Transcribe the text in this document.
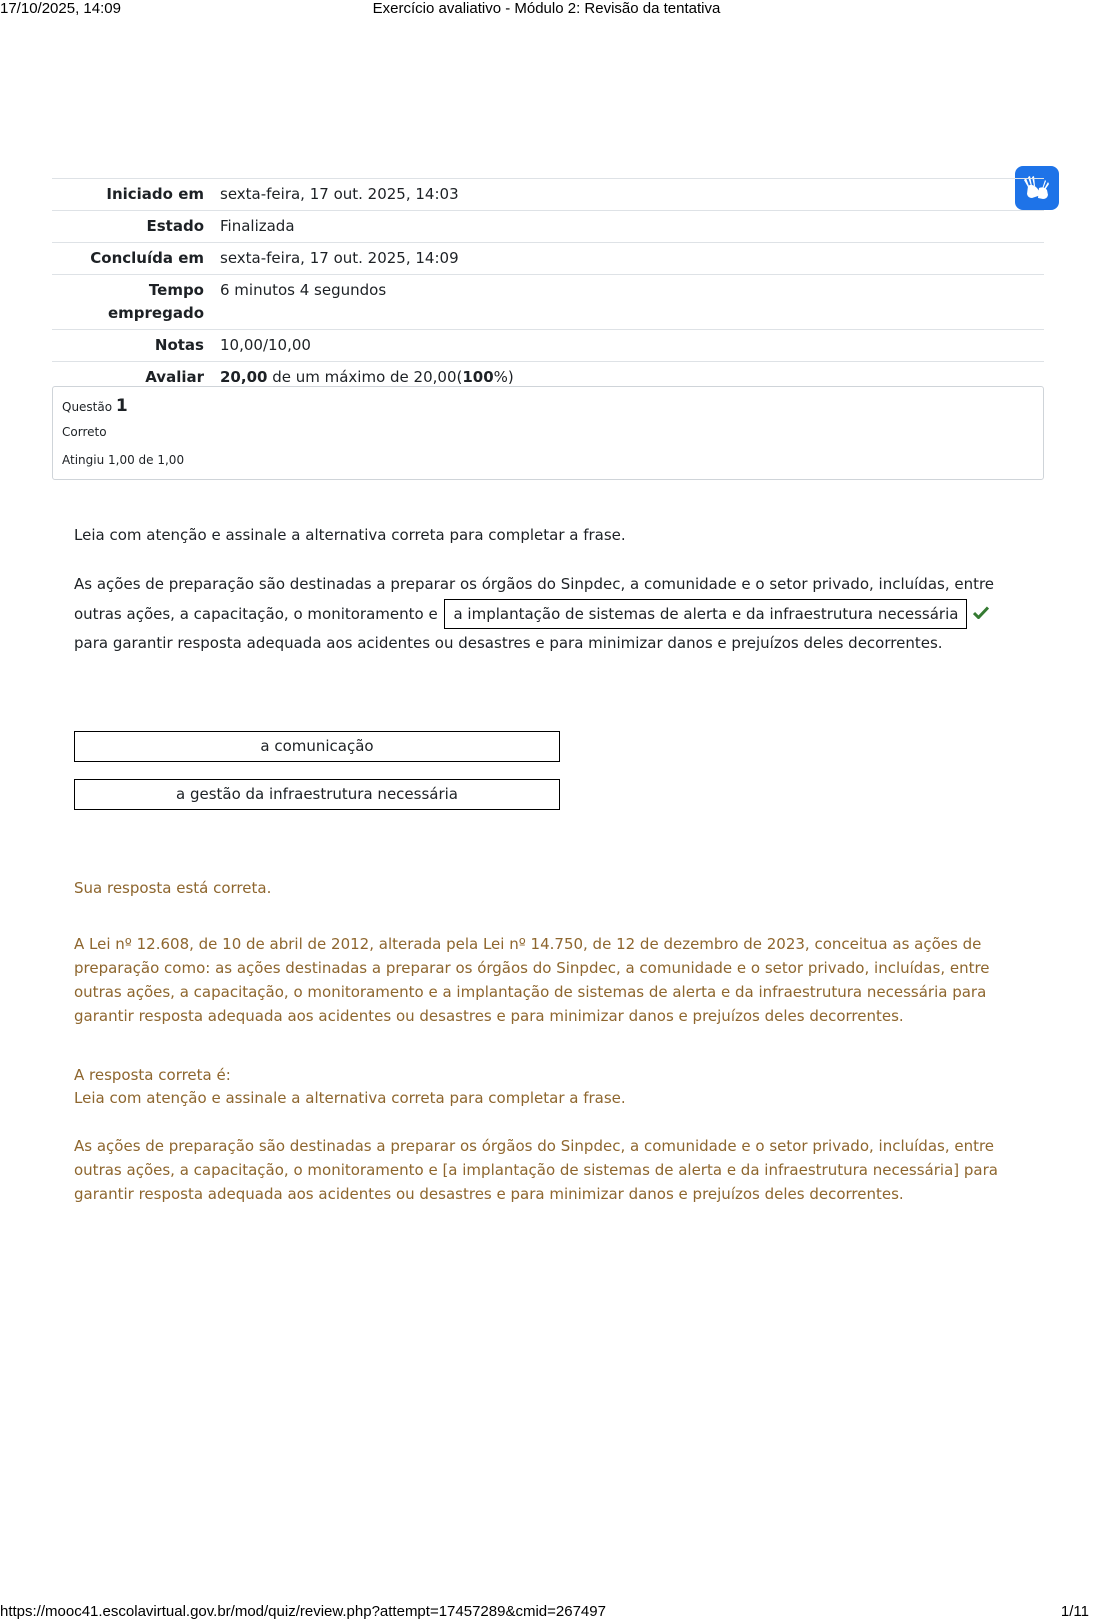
17/10/2025, 14:09	Exercício avaliativo - Módulo 2: Revisão da tentativa
Iniciado em	sexta-feira, 17 out. 2025, 14:03
Estado	Finalizada
Concluída em	sexta-feira, 17 out. 2025, 14:09
Tempo empregado	6 minutos 4 segundos
Notas	10,00/10,00
Avaliar	20,00 de um máximo de 20,00(100%)
Questão 1
Correto
Atingiu 1,00 de 1,00
Leia com atenção e assinale a alternativa correta para completar a frase.
As ações de preparação são destinadas a preparar os órgãos do Sinpdec, a comunidade e o setor privado, incluídas, entre outras ações, a capacitação, o monitoramento e a implantação de sistemas de alerta e da infraestrutura necessáriapara garantir resposta adequada aos acidentes ou desastres e para minimizar danos e prejuízos deles decorrentes.
a comunicação
a gestão da infraestrutura necessária
Sua resposta está correta.
A Lei nº 12.608, de 10 de abril de 2012, alterada pela Lei nº 14.750, de 12 de dezembro de 2023, conceitua as ações de preparação como: as ações destinadas a preparar os órgãos do Sinpdec, a comunidade e o setor privado, incluídas, entre outras ações, a capacitação, o monitoramento e a implantação de sistemas de alerta e da infraestrutura necessária para garantir resposta adequada aos acidentes ou desastres e para minimizar danos e prejuízos deles decorrentes.
A resposta correta é:
Leia com atenção e assinale a alternativa correta para completar a frase.
As ações de preparação são destinadas a preparar os órgãos do Sinpdec, a comunidade e o setor privado, incluídas, entre outras ações, a capacitação, o monitoramento e [a implantação de sistemas de alerta e da infraestrutura necessária] para garantir resposta adequada aos acidentes ou desastres e para minimizar danos e prejuízos deles decorrentes.
https://mooc41.escolavirtual.gov.br/mod/quiz/review.php?attempt=17457289&cmid=267497	1/11
